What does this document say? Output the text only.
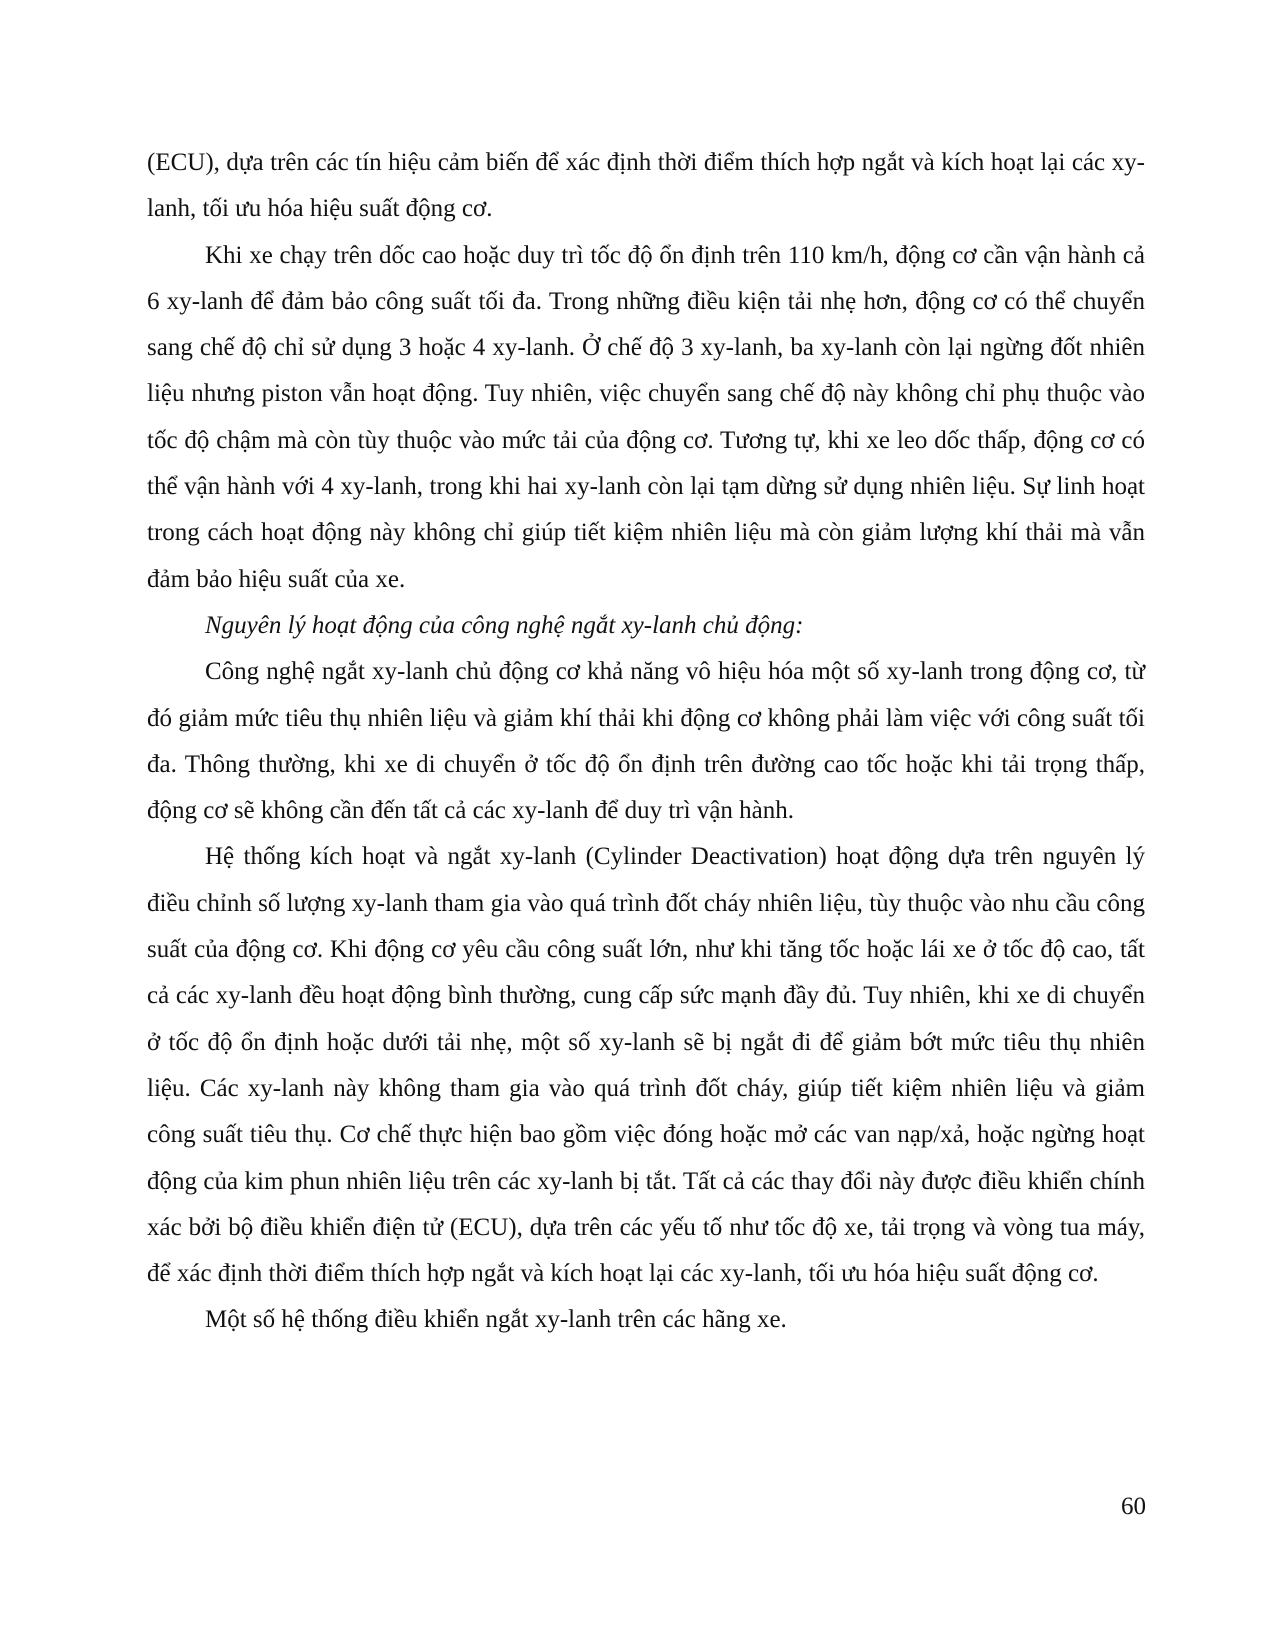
(ECU), dựa trên các tín hiệu cảm biến để xác định thời điểm thích hợp ngắt và kích hoạt lại các xy-lanh, tối ưu hóa hiệu suất động cơ.

Khi xe chạy trên dốc cao hoặc duy trì tốc độ ổn định trên 110 km/h, động cơ cần vận hành cả 6 xy-lanh để đảm bảo công suất tối đa. Trong những điều kiện tải nhẹ hơn, động cơ có thể chuyển sang chế độ chỉ sử dụng 3 hoặc 4 xy-lanh. Ở chế độ 3 xy-lanh, ba xy-lanh còn lại ngừng đốt nhiên liệu nhưng piston vẫn hoạt động. Tuy nhiên, việc chuyển sang chế độ này không chỉ phụ thuộc vào tốc độ chậm mà còn tùy thuộc vào mức tải của động cơ. Tương tự, khi xe leo dốc thấp, động cơ có thể vận hành với 4 xy-lanh, trong khi hai xy-lanh còn lại tạm dừng sử dụng nhiên liệu. Sự linh hoạt trong cách hoạt động này không chỉ giúp tiết kiệm nhiên liệu mà còn giảm lượng khí thải mà vẫn đảm bảo hiệu suất của xe.

Nguyên lý hoạt động của công nghệ ngắt xy-lanh chủ động:

Công nghệ ngắt xy-lanh chủ động cơ khả năng vô hiệu hóa một số xy-lanh trong động cơ, từ đó giảm mức tiêu thụ nhiên liệu và giảm khí thải khi động cơ không phải làm việc với công suất tối đa. Thông thường, khi xe di chuyển ở tốc độ ổn định trên đường cao tốc hoặc khi tải trọng thấp, động cơ sẽ không cần đến tất cả các xy-lanh để duy trì vận hành.

Hệ thống kích hoạt và ngắt xy-lanh (Cylinder Deactivation) hoạt động dựa trên nguyên lý điều chỉnh số lượng xy-lanh tham gia vào quá trình đốt cháy nhiên liệu, tùy thuộc vào nhu cầu công suất của động cơ. Khi động cơ yêu cầu công suất lớn, như khi tăng tốc hoặc lái xe ở tốc độ cao, tất cả các xy-lanh đều hoạt động bình thường, cung cấp sức mạnh đầy đủ. Tuy nhiên, khi xe di chuyển ở tốc độ ổn định hoặc dưới tải nhẹ, một số xy-lanh sẽ bị ngắt đi để giảm bớt mức tiêu thụ nhiên liệu. Các xy-lanh này không tham gia vào quá trình đốt cháy, giúp tiết kiệm nhiên liệu và giảm công suất tiêu thụ. Cơ chế thực hiện bao gồm việc đóng hoặc mở các van nạp/xả, hoặc ngừng hoạt động của kim phun nhiên liệu trên các xy-lanh bị tắt. Tất cả các thay đổi này được điều khiển chính xác bởi bộ điều khiển điện tử (ECU), dựa trên các yếu tố như tốc độ xe, tải trọng và vòng tua máy, để xác định thời điểm thích hợp ngắt và kích hoạt lại các xy-lanh, tối ưu hóa hiệu suất động cơ.

Một số hệ thống điều khiển ngắt xy-lanh trên các hãng xe.

60
